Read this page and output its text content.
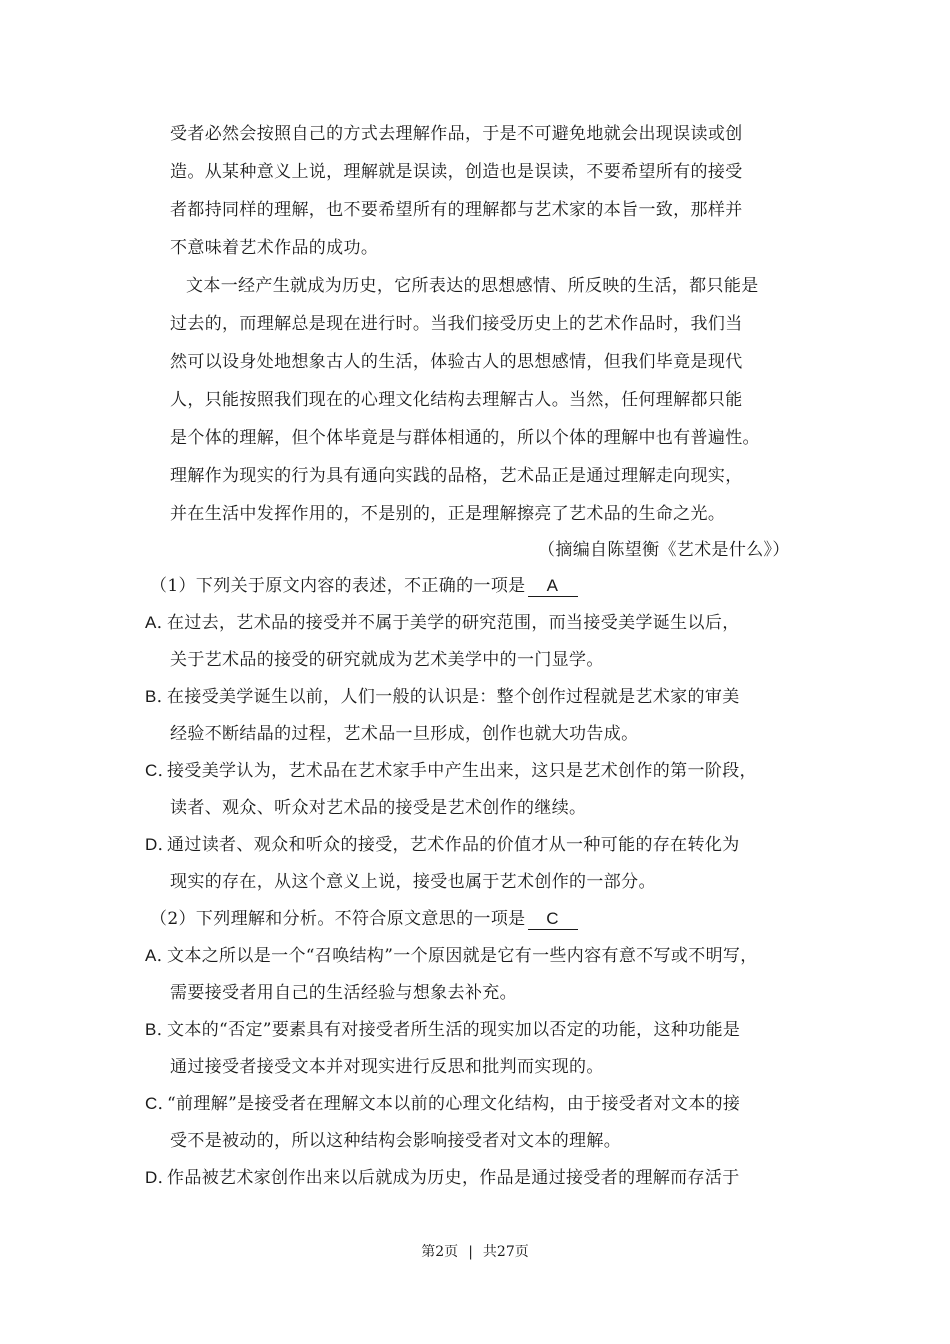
受者必然会按照自己的方式去理解作品，于是不可避免地就会出现误读或创
造。从某种意义上说，理解就是误读，创造也是误读，不要希望所有的接受
者都持同样的理解，也不要希望所有的理解都与艺术家的本旨一致，那样并
不意味着艺术作品的成功。
文本一经产生就成为历史，它所表达的思想感情、所反映的生活，都只能是
过去的，而理解总是现在进行时。当我们接受历史上的艺术作品时，我们当
然可以设身处地想象古人的生活，体验古人的思想感情，但我们毕竟是现代
人，只能按照我们现在的心理文化结构去理解古人。当然，任何理解都只能
是个体的理解，但个体毕竟是与群体相通的，所以个体的理解中也有普遍性。
理解作为现实的行为具有通向实践的品格，艺术品正是通过理解走向现实，
并在生活中发挥作用的，不是别的，正是理解擦亮了艺术品的生命之光。
（摘编自陈望衡《艺术是什么》）
（1）下列关于原文内容的表述，不正确的一项是 A
A．在过去，艺术品的接受并不属于美学的研究范围，而当接受美学诞生以后，
关于艺术品的接受的研究就成为艺术美学中的一门显学。
B．在接受美学诞生以前，人们一般的认识是：整个创作过程就是艺术家的审美
经验不断结晶的过程，艺术品一旦形成，创作也就大功告成。
C．接受美学认为，艺术品在艺术家手中产生出来，这只是艺术创作的第一阶段，
读者、观众、听众对艺术品的接受是艺术创作的继续。
D．通过读者、观众和听众的接受，艺术作品的价值才从一种可能的存在转化为
现实的存在，从这个意义上说，接受也属于艺术创作的一部分。
（2）下列理解和分析。不符合原文意思的一项是 C
A．文本之所以是一个“召唤结构”一个原因就是它有一些内容有意不写或不明写，
需要接受者用自己的生活经验与想象去补充。
B．文本的“否定”要素具有对接受者所生活的现实加以否定的功能，这种功能是
通过接受者接受文本并对现实进行反思和批判而实现的。
C．“前理解”是接受者在理解文本以前的心理文化结构，由于接受者对文本的接
受不是被动的，所以这种结构会影响接受者对文本的理解。
D．作品被艺术家创作出来以后就成为历史，作品是通过接受者的理解而存活于
第2页 | 共27页
